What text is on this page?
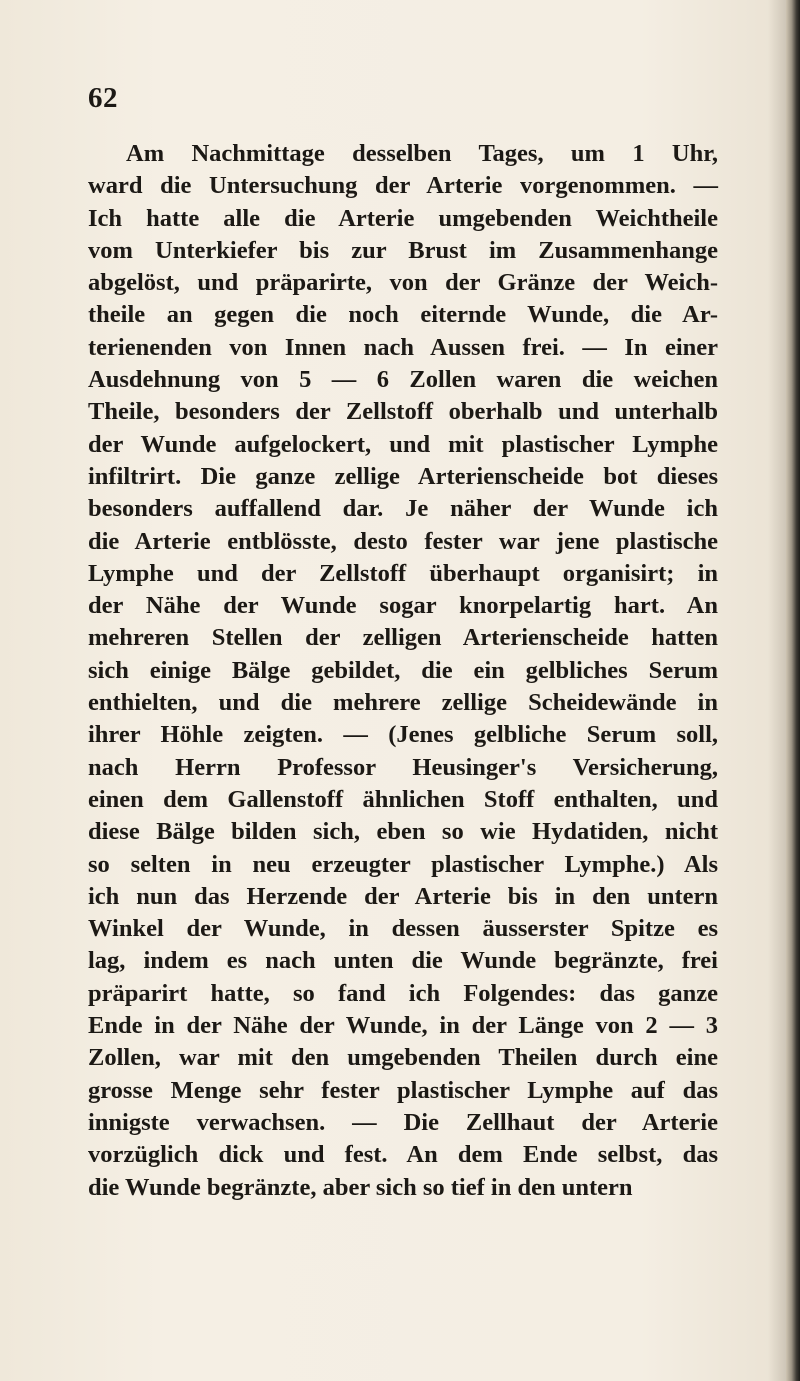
62
Am Nachmittage desselben Tages, um 1 Uhr,
ward die Untersuchung der Arterie vorgenommen. —
Ich hatte alle die Arterie umgebenden Weichtheile
vom Unterkiefer bis zur Brust im Zusammenhange
abgelöst, und präparirte, von der Gränze der Weich-
theile an gegen die noch eiternde Wunde, die Ar-
terienenden von Innen nach Aussen frei. — In einer
Ausdehnung von 5 — 6 Zollen waren die weichen
Theile, besonders der Zellstoff oberhalb und unterhalb
der Wunde aufgelockert, und mit plastischer Lymphe
infiltrirt. Die ganze zellige Arterienscheide bot dieses
besonders auffallend dar. Je näher der Wunde ich
die Arterie entblösste, desto fester war jene plastische
Lymphe und der Zellstoff überhaupt organisirt; in
der Nähe der Wunde sogar knorpelartig hart. An
mehreren Stellen der zelligen Arterienscheide hatten
sich einige Bälge gebildet, die ein gelbliches Serum
enthielten, und die mehrere zellige Scheidewände in
ihrer Höhle zeigten. — (Jenes gelbliche Serum soll,
nach Herrn Professor Heusinger's Versicherung,
einen dem Gallenstoff ähnlichen Stoff enthalten, und
diese Bälge bilden sich, eben so wie Hydatiden, nicht
so selten in neu erzeugter plastischer Lymphe.) Als
ich nun das Herzende der Arterie bis in den untern
Winkel der Wunde, in dessen äusserster Spitze es
lag, indem es nach unten die Wunde begränzte, frei
präparirt hatte, so fand ich Folgendes: das ganze
Ende in der Nähe der Wunde, in der Länge von 2 — 3
Zollen, war mit den umgebenden Theilen durch eine
grosse Menge sehr fester plastischer Lymphe auf das
innigste verwachsen. — Die Zellhaut der Arterie
vorzüglich dick und fest. An dem Ende selbst, das
die Wunde begränzte, aber sich so tief in den untern
